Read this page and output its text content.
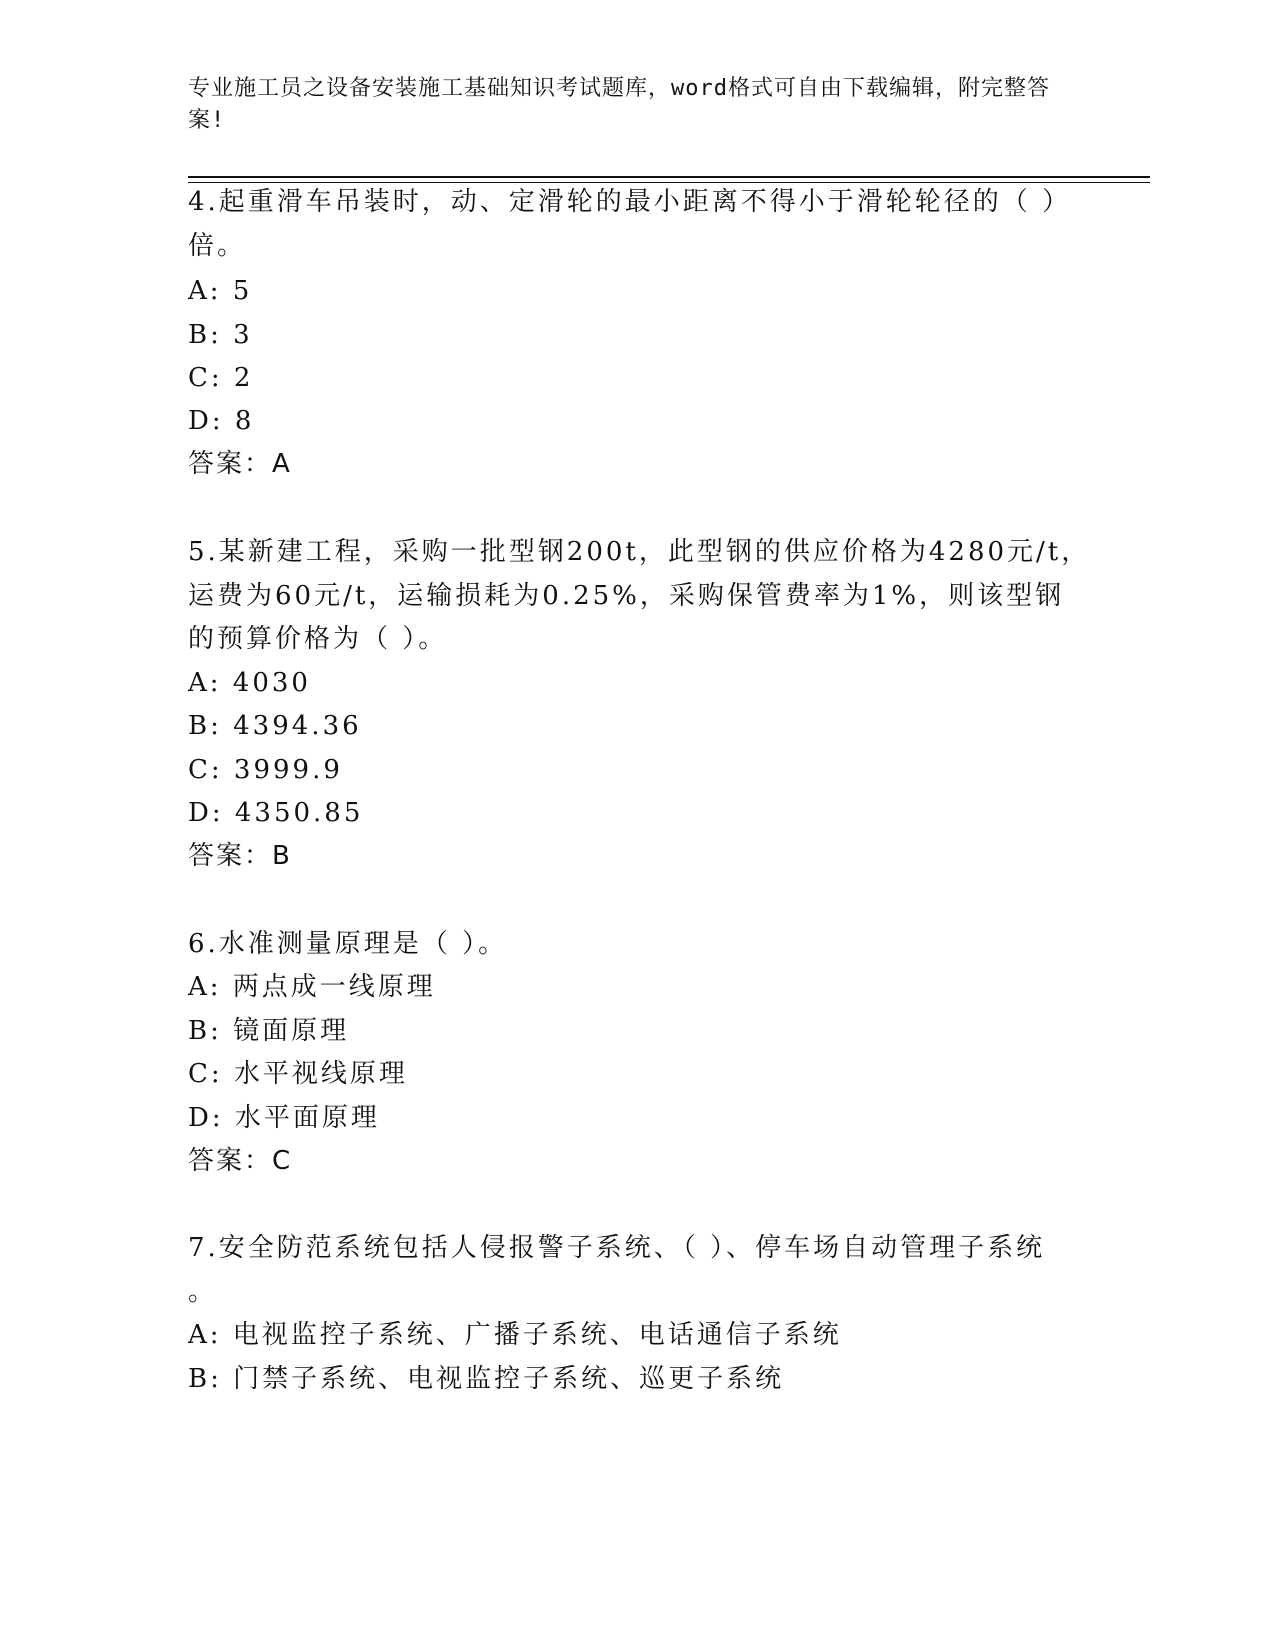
专业施工员之设备安装施工基础知识考试题库，word格式可自由下载编辑，附完整答案!
4.起重滑车吊装时，动、定滑轮的最小距离不得小于滑轮轮径的（ ）
倍。
A: 5
B: 3
C: 2
D: 8
答案：A
5.某新建工程，采购一批型钢200t，此型钢的供应价格为4280元/t，
运费为60元/t，运输损耗为0.25%，采购保管费率为1%，则该型钢
的预算价格为（ ）。
A: 4030
B: 4394.36
C: 3999.9
D: 4350.85
答案：B
6.水准测量原理是（ ）。
A: 两点成一线原理
B: 镜面原理
C: 水平视线原理
D: 水平面原理
答案：C
7.安全防范系统包括人侵报警子系统、（ ）、停车场自动管理子系统
。
A: 电视监控子系统、广播子系统、电话通信子系统
B: 门禁子系统、电视监控子系统、巡更子系统
